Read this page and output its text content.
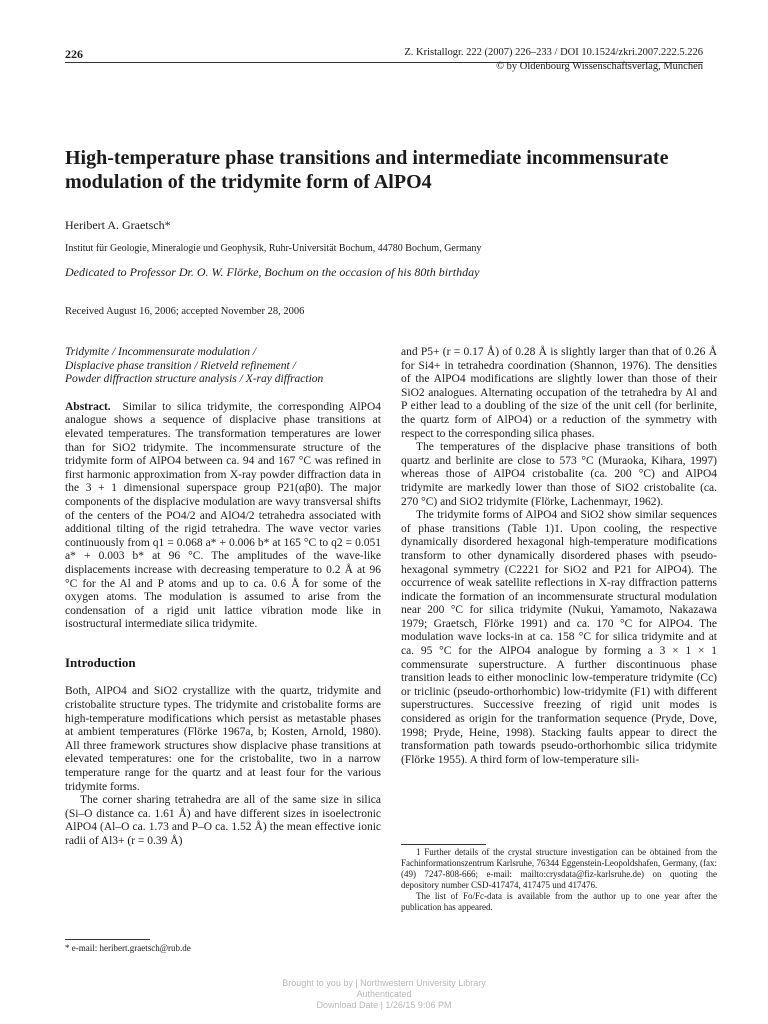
226	Z. Kristallogr. 222 (2007) 226–233 / DOI 10.1524/zkri.2007.222.5.226
© by Oldenbourg Wissenschaftsverlag, München
High-temperature phase transitions and intermediate incommensurate modulation of the tridymite form of AlPO4
Heribert A. Graetsch*
Institut für Geologie, Mineralogie und Geophysik, Ruhr-Universität Bochum, 44780 Bochum, Germany
Dedicated to Professor Dr. O. W. Flörke, Bochum on the occasion of his 80th birthday
Received August 16, 2006; accepted November 28, 2006
Tridymite / Incommensurate modulation /
Displacive phase transition / Rietveld refinement /
Powder diffraction structure analysis / X-ray diffraction

Abstract. Similar to silica tridymite, the corresponding AlPO4 analogue shows a sequence of displacive phase transitions at elevated temperatures. The transformation temperatures are lower than for SiO2 tridymite. The incommensurate structure of the tridymite form of AlPO4 between ca. 94 and 167 °C was refined in first harmonic approximation from X-ray powder diffraction data in the 3 + 1 dimensional superspace group P21(αβ0). The major components of the displacive modulation are wavy transversal shifts of the centers of the PO4/2 and AlO4/2 tetrahedra associated with additional tilting of the rigid tetrahedra. The wave vector varies continuously from q1 = 0.068 a* + 0.006 b* at 165 °C to q2 = 0.051 a* + 0.003 b* at 96 °C. The amplitudes of the wave-like displacements increase with decreasing temperature to 0.2 Å at 96 °C for the Al and P atoms and up to ca. 0.6 Å for some of the oxygen atoms. The modulation is assumed to arise from the condensation of a rigid unit lattice vibration mode like in isostructural intermediate silica tridymite.

Introduction

Both, AlPO4 and SiO2 crystallize with the quartz, tridymite and cristobalite structure types. The tridymite and cristobalite forms are high-temperature modifications which persist as metastable phases at ambient temperatures (Flörke 1967a, b; Kosten, Arnold, 1980). All three framework structures show displacive phase transitions at elevated temperatures: one for the cristobalite, two in a narrow temperature range for the quartz and at least four for the various tridymite forms.

The corner sharing tetrahedra are all of the same size in silica (Si–O distance ca. 1.61 Å) and have different sizes in isoelectronic AlPO4 (Al–O ca. 1.73 and P–O ca. 1.52 Å) the mean effective ionic radii of Al3+ (r = 0.39 Å)

and P5+ (r = 0.17 Å) of 0.28 Å is slightly larger than that of 0.26 Å for Si4+ in tetrahedra coordination (Shannon, 1976). The densities of the AlPO4 modifications are slightly lower than those of their SiO2 analogues. Alternating occupation of the tetrahedra by Al and P either lead to a doubling of the size of the unit cell (for berlinite, the quartz form of AlPO4) or a reduction of the symmetry with respect to the corresponding silica phases.

The temperatures of the displacive phase transitions of both quartz and berlinite are close to 573 °C (Muraoka, Kihara, 1997) whereas those of AlPO4 cristobalite (ca. 200 °C) and AlPO4 tridymite are markedly lower than those of SiO2 cristobalite (ca. 270 °C) and SiO2 tridymite (Flörke, Lachenmayr, 1962).

The tridymite forms of AlPO4 and SiO2 show similar sequences of phase transitions (Table 1)1. Upon cooling, the respective dynamically disordered hexagonal high-temperature modifications transform to other dynamically disordered phases with pseudo-hexagonal symmetry (C2221 for SiO2 and P21 for AlPO4). The occurrence of weak satellite reflections in X-ray diffraction patterns indicate the formation of an incommensurate structural modulation near 200 °C for silica tridymite (Nukui, Yamamoto, Nakazawa 1979; Graetsch, Flörke 1991) and ca. 170 °C for AlPO4. The modulation wave locks-in at ca. 158 °C for silica tridymite and at ca. 95 °C for the AlPO4 analogue by forming a 3 × 1 × 1 commensurate superstructure. A further discontinuous phase transition leads to either monoclinic low-temperature tridymite (Cc) or triclinic (pseudo-orthorhombic) low-tridymite (F1) with different superstructures. Successive freezing of rigid unit modes is considered as origin for the tranformation sequence (Pryde, Dove, 1998; Pryde, Heine, 1998). Stacking faults appear to direct the transformation path towards pseudo-orthorhombic silica tridymite (Flörke 1955). A third form of low-temperature sili-

1 Further details of the crystal structure investigation can be obtained from the Fachinformationszentrum Karlsruhe, 76344 Eggenstein-Leopoldshafen, Germany, (fax: (49) 7247-808-666; e-mail: mailto:crysdata@fiz-karlsruhe.de) on quoting the depository number CSD-417474, 417475 und 417476.

The list of Fo/Fc-data is available from the author up to one year after the publication has appeared.

* e-mail: heribert.graetsch@rub.de
Brought to you by | Northwestern University Library
Authenticated
Download Date | 1/26/15 9:06 PM
